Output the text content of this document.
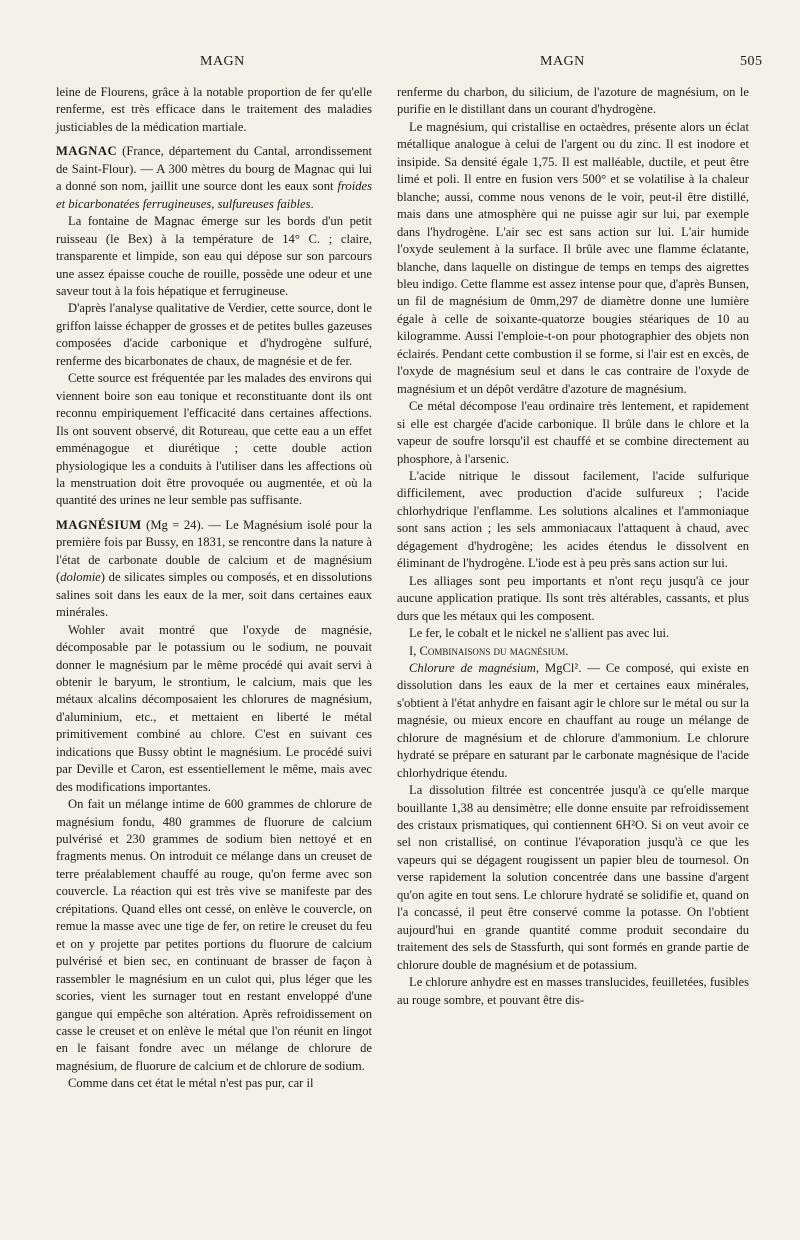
MAGN	MAGN	505

leine de Flourens, grâce à la notable proportion de fer qu'elle renferme, est très efficace dans le traitement des maladies justiciables de la médication martiale.

MAGNAC (France, département du Cantal, arrondissement de Saint-Flour). — A 300 mètres du bourg de Magnac qui lui a donné son nom, jaillit une source dont les eaux sont froides et bicarbonatées ferrugineuses, sulfureuses faibles.

La fontaine de Magnac émerge sur les bords d'un petit ruisseau (le Bex) à la température de 14° C. ; claire, transparente et limpide, son eau qui dépose sur son parcours une assez épaisse couche de rouille, possède une odeur et une saveur tout à la fois hépatique et ferrugineuse.

D'après l'analyse qualitative de Verdier, cette source, dont le griffon laisse échapper de grosses et de petites bulles gazeuses composées d'acide carbonique et d'hydrogène sulfuré, renferme des bicarbonates de chaux, de magnésie et de fer.

Cette source est fréquentée par les malades des environs qui viennent boire son eau tonique et reconstituante dont ils ont reconnu empiriquement l'efficacité dans certaines affections. Ils ont souvent observé, dit Rotureau, que cette eau a un effet emménagogue et diurétique ; cette double action physiologique les a conduits à l'utiliser dans les affections où la menstruation doit être provoquée ou augmentée, et où la quantité des urines ne leur semble pas suffisante.

MAGNÉSIUM (Mg = 24). — Le Magnésium isolé pour la première fois par Bussy, en 1831, se rencontre dans la nature à l'état de carbonate double de calcium et de magnésium (dolomie) de silicates simples ou composés, et en dissolutions salines soit dans les eaux de la mer, soit dans certaines eaux minérales.

Wohler avait montré que l'oxyde de magnésie, décomposable par le potassium ou le sodium, ne pouvait donner le magnésium par le même procédé qui avait servi à obtenir le baryum, le strontium, le calcium, mais que les métaux alcalins décomposaient les chlorures de magnésium, d'aluminium, etc., et mettaient en liberté le métal primitivement combiné au chlore. C'est en suivant ces indications que Bussy obtint le magnésium. Le procédé suivi par Deville et Caron, est essentiellement le même, mais avec des modifications importantes.

On fait un mélange intime de 600 grammes de chlorure de magnésium fondu, 480 grammes de fluorure de calcium pulvérisé et 230 grammes de sodium bien nettoyé et en fragments menus. On introduit ce mélange dans un creuset de terre préalablement chauffé au rouge, qu'on ferme avec son couvercle. La réaction qui est très vive se manifeste par des crépitations. Quand elles ont cessé, on enlève le couvercle, on remue la masse avec une tige de fer, on retire le creuset du feu et on y projette par petites portions du fluorure de calcium pulvérisé et bien sec, en continuant de brasser de façon à rassembler le magnésium en un culot qui, plus léger que les scories, vient les surnager tout en restant enveloppé d'une gangue qui empêche son altération. Après refroidissement on casse le creuset et on enlève le métal que l'on réunit en lingot en le faisant fondre avec un mélange de chlorure de magnésium, de fluorure de calcium et de chlorure de sodium.

Comme dans cet état le métal n'est pas pur, car il

renferme du charbon, du silicium, de l'azoture de magnésium, on le purifie en le distillant dans un courant d'hydrogène.

Le magnésium, qui cristallise en octaèdres, présente alors un éclat métallique analogue à celui de l'argent ou du zinc. Il est inodore et insipide. Sa densité égale 1,75. Il est malléable, ductile, et peut être limé et poli. Il entre en fusion vers 500° et se volatilise à la chaleur blanche; aussi, comme nous venons de le voir, peut-il être distillé, mais dans une atmosphère qui ne puisse agir sur lui, par exemple dans l'hydrogène. L'air sec est sans action sur lui. L'air humide l'oxyde seulement à la surface. Il brûle avec une flamme éclatante, blanche, dans laquelle on distingue de temps en temps des aigrettes bleu indigo. Cette flamme est assez intense pour que, d'après Bunsen, un fil de magnésium de 0mm,297 de diamètre donne une lumière égale à celle de soixante-quatorze bougies stéariques de 10 au kilogramme. Aussi l'emploie-t-on pour photographier des objets non éclairés. Pendant cette combustion il se forme, si l'air est en excès, de l'oxyde de magnésium seul et dans le cas contraire de l'oxyde de magnésium et un dépôt verdâtre d'azoture de magnésium.

Ce métal décompose l'eau ordinaire très lentement, et rapidement si elle est chargée d'acide carbonique. Il brûle dans le chlore et la vapeur de soufre lorsqu'il est chauffé et se combine directement au phosphore, à l'arsenic.

L'acide nitrique le dissout facilement, l'acide sulfurique difficilement, avec production d'acide sulfureux ; l'acide chlorhydrique l'enflamme. Les solutions alcalines et l'ammoniaque sont sans action ; les sels ammoniacaux l'attaquent à chaud, avec dégagement d'hydrogène; les acides étendus le dissolvent en éliminant de l'hydrogène. L'iode est à peu près sans action sur lui.

Les alliages sont peu importants et n'ont reçu jusqu'à ce jour aucune application pratique. Ils sont très altérables, cassants, et plus durs que les métaux qui les composent.

Le fer, le cobalt et le nickel ne s'allient pas avec lui.

I, Combinaisons du magnésium.

Chlorure de magnésium, MgCl². — Ce composé, qui existe en dissolution dans les eaux de la mer et certaines eaux minérales, s'obtient à l'état anhydre en faisant agir le chlore sur le métal ou sur la magnésie, ou mieux encore en chauffant au rouge un mélange de chlorure de magnésium et de chlorure d'ammonium. Le chlorure hydraté se prépare en saturant par le carbonate magnésique de l'acide chlorhydrique étendu.

La dissolution filtrée est concentrée jusqu'à ce qu'elle marque bouillante 1,38 au densimètre; elle donne ensuite par refroidissement des cristaux prismatiques, qui contiennent 6H²O. Si on veut avoir ce sel non cristallisé, on continue l'évaporation jusqu'à ce que les vapeurs qui se dégagent rougissent un papier bleu de tournesol. On verse rapidement la solution concentrée dans une bassine d'argent qu'on agite en tout sens. Le chlorure hydraté se solidifie et, quand on l'a concassé, il peut être conservé comme la potasse. On l'obtient aujourd'hui en grande quantité comme produit secondaire du traitement des sels de Stassfurth, qui sont formés en grande partie de chlorure double de magnésium et de potassium.

Le chlorure anhydre est en masses translucides, feuilletées, fusibles au rouge sombre, et pouvant être dis-
